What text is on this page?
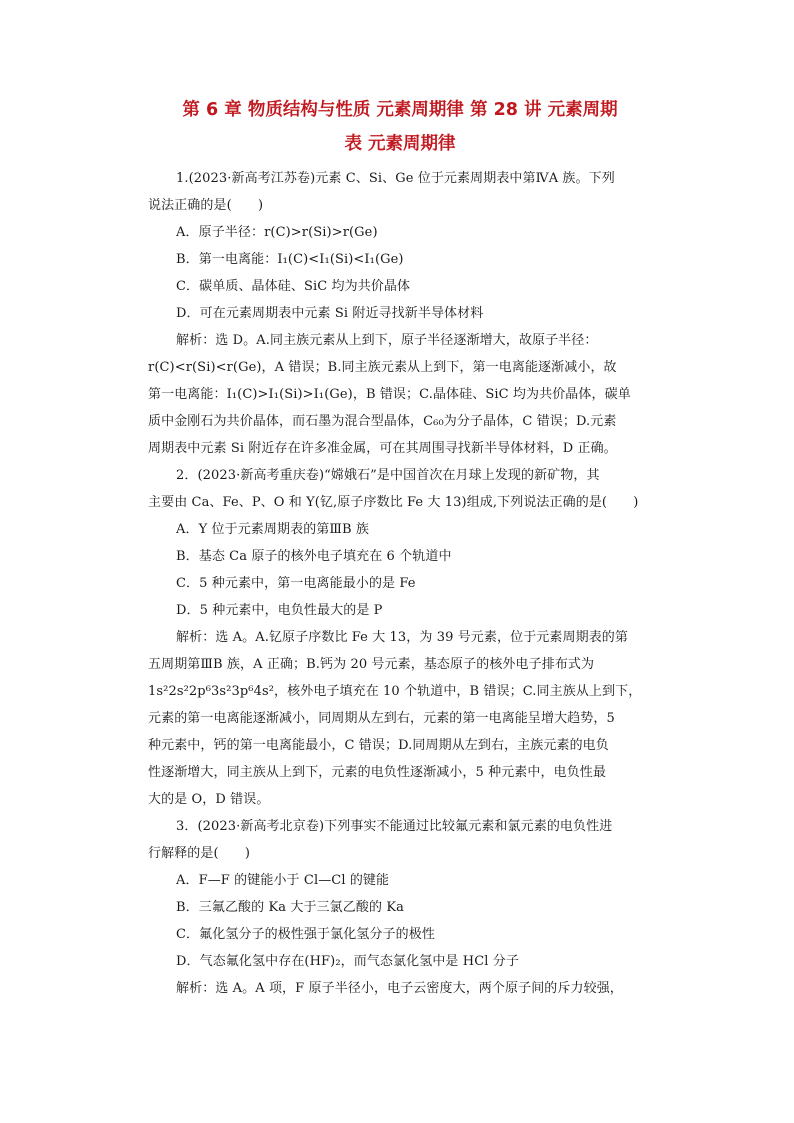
第 6 章 物质结构与性质 元素周期律 第 28 讲 元素周期
表 元素周期律
1.(2023·新高考江苏卷)元素 C、Si、Ge 位于元素周期表中第ⅣA 族。下列
说法正确的是(　　)
A．原子半径：r(C)>r(Si)>r(Ge)
B．第一电离能：I₁(C)<I₁(Si)<I₁(Ge)
C．碳单质、晶体硅、SiC 均为共价晶体
D．可在元素周期表中元素 Si 附近寻找新半导体材料
解析：选 D。A.同主族元素从上到下，原子半径逐渐增大，故原子半径：
r(C)<r(Si)<r(Ge)，A 错误；B.同主族元素从上到下，第一电离能逐渐减小，故
第一电离能：I₁(C)>I₁(Si)>I₁(Ge)，B 错误；C.晶体硅、SiC 均为共价晶体，碳单
质中金刚石为共价晶体，而石墨为混合型晶体，C₆₀为分子晶体，C 错误；D.元素
周期表中元素 Si 附近存在许多准金属，可在其周围寻找新半导体材料，D 正确。
2．(2023·新高考重庆卷)“嫦娥石”是中国首次在月球上发现的新矿物，其
主要由 Ca、Fe、P、O 和 Y(钇,原子序数比 Fe 大 13)组成,下列说法正确的是(　　)
A．Y 位于元素周期表的第ⅢB 族
B．基态 Ca 原子的核外电子填充在 6 个轨道中
C．5 种元素中，第一电离能最小的是 Fe
D．5 种元素中，电负性最大的是 P
解析：选 A。A.钇原子序数比 Fe 大 13，为 39 号元素，位于元素周期表的第
五周期第ⅢB 族，A 正确；B.钙为 20 号元素，基态原子的核外电子排布式为
1s²2s²2p⁶3s²3p⁶4s²，核外电子填充在 10 个轨道中，B 错误；C.同主族从上到下，
元素的第一电离能逐渐减小，同周期从左到右，元素的第一电离能呈增大趋势，5
种元素中，钙的第一电离能最小，C 错误；D.同周期从左到右，主族元素的电负
性逐渐增大，同主族从上到下，元素的电负性逐渐减小，5 种元素中，电负性最
大的是 O，D 错误。
3．(2023·新高考北京卷)下列事实不能通过比较氟元素和氯元素的电负性进
行解释的是(　　)
A．F—F 的键能小于 Cl—Cl 的键能
B．三氟乙酸的 Ka 大于三氯乙酸的 Ka
C．氟化氢分子的极性强于氯化氢分子的极性
D．气态氟化氢中存在(HF)₂，而气态氯化氢中是 HCl 分子
解析：选 A。A 项，F 原子半径小，电子云密度大，两个原子间的斥力较强，
